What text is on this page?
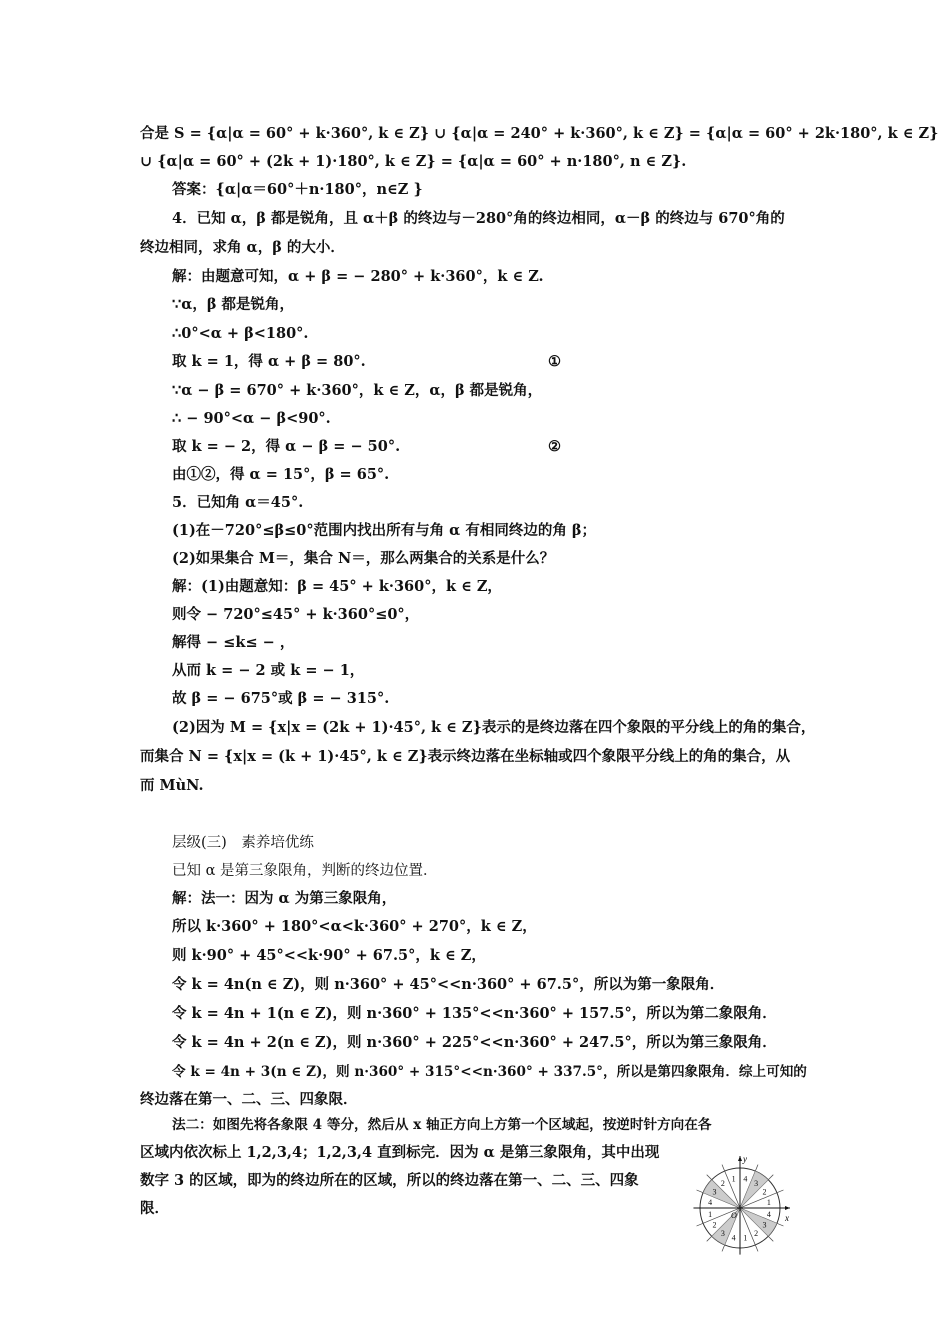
合是 S = {α|α = 60° + k·360°, k ∈ Z} ∪ {α|α = 240° + k·360°, k ∈ Z} = {α|α = 60° + 2k·180°, k ∈ Z}
∪ {α|α = 60° + (2k + 1)·180°, k ∈ Z} = {α|α = 60° + n·180°, n ∈ Z}.
答案：{α|α＝60°＋n·180°，n∈Z }
4．已知 α，β 都是锐角，且 α＋β 的终边与－280°角的终边相同，α－β 的终边与 670°角的
终边相同，求角 α，β 的大小．
解：由题意可知，α + β = − 280° + k·360°，k ∈ Z.
∵α，β 都是锐角，
∴0°<α + β<180°.
取 k = 1，得 α + β = 80°.	①
∵α − β = 670° + k·360°，k ∈ Z，α，β 都是锐角，
∴ − 90°<α − β<90°.
取 k = − 2，得 α − β = − 50°.	②
由①②，得 α = 15°，β = 65°.
5．已知角 α＝45°.
(1)在－720°≤β≤0°范围内找出所有与角 α 有相同终边的角 β；
(2)如果集合 M＝，集合 N＝，那么两集合的关系是什么？
解：(1)由题意知：β = 45° + k·360°，k ∈ Z，
则令 − 720°≤45° + k·360°≤0°，
解得 − ≤k≤ − ，
从而 k = − 2 或 k = − 1，
故 β = − 675°或 β = − 315°.
(2)因为 M = {x|x = (2k + 1)·45°, k ∈ Z}表示的是终边落在四个象限的平分线上的角的集合，
而集合 N = {x|x = (k + 1)·45°, k ∈ Z}表示终边落在坐标轴或四个象限平分线上的角的集合，从
而 MùN.
层级(三)　素养培优练
已知 α 是第三象限角，判断的终边位置．
解：法一：因为 α 为第三象限角，
所以 k·360° + 180°<α<k·360° + 270°，k ∈ Z，
则 k·90° + 45°<<k·90° + 67.5°，k ∈ Z，
令 k = 4n(n ∈ Z)，则 n·360° + 45°<<n·360° + 67.5°，所以为第一象限角．
令 k = 4n + 1(n ∈ Z)，则 n·360° + 135°<<n·360° + 157.5°，所以为第二象限角．
令 k = 4n + 2(n ∈ Z)，则 n·360° + 225°<<n·360° + 247.5°，所以为第三象限角．
令 k = 4n + 3(n ∈ Z)，则 n·360° + 315°<<n·360° + 337.5°，所以是第四象限角．综上可知的
终边落在第一、二、三、四象限．
法二：如图先将各象限 4 等分，然后从 x 轴正方向上方第一个区域起，按逆时针方向在各
区域内依次标上 1,2,3,4；1,2,3,4 直到标完．因为 α 是第三象限角，其中出现
数字 3 的区域，即为的终边所在的区域，所以的终边落在第一、二、三、四象
限．
x
y
O
1
2
3
4
1
2
3
4
1
2
3 4 1 2
3
4
